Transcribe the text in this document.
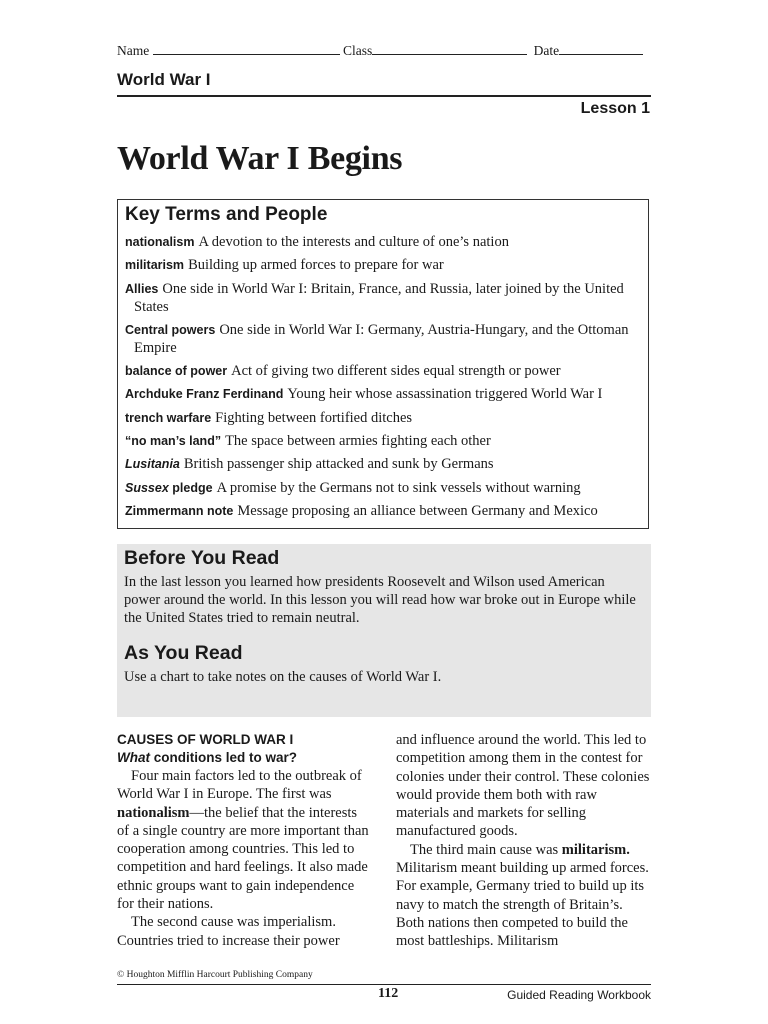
Name	Class	Date
World War I
Lesson 1
World War I Begins
Key Terms and People
nationalism A devotion to the interests and culture of one’s nation
militarism Building up armed forces to prepare for war
Allies One side in World War I: Britain, France, and Russia, later joined by the United States
Central powers One side in World War I: Germany, Austria-Hungary, and the Ottoman Empire
balance of power Act of giving two different sides equal strength or power
Archduke Franz Ferdinand Young heir whose assassination triggered World War I
trench warfare Fighting between fortified ditches
“no man’s land” The space between armies fighting each other
Lusitania British passenger ship attacked and sunk by Germans
Sussex pledge A promise by the Germans not to sink vessels without warning
Zimmermann note Message proposing an alliance between Germany and Mexico
Before You Read

In the last lesson you learned how presidents Roosevelt and Wilson used American power around the world. In this lesson you will read how war broke out in Europe while the United States tried to remain neutral.

As You Read

Use a chart to take notes on the causes of World War I.

CAUSES OF WORLD WAR I
What conditions led to war?

Four main factors led to the outbreak of World War I in Europe. The first was nationalism—the belief that the interests of a single country are more important than cooperation among countries. This led to competition and hard feelings. It also made ethnic groups want to gain independence for their nations.

The second cause was imperialism. Countries tried to increase their power

and influence around the world. This led to competition among them in the contest for colonies under their control. These colonies would provide them both with raw materials and markets for selling manufactured goods.

The third main cause was militarism. Militarism meant building up armed forces. For example, Germany tried to build up its navy to match the strength of Britain’s. Both nations then competed to build the most battleships. Militarism

© Houghton Mifflin Harcourt Publishing Company
112	Guided Reading Workbook
